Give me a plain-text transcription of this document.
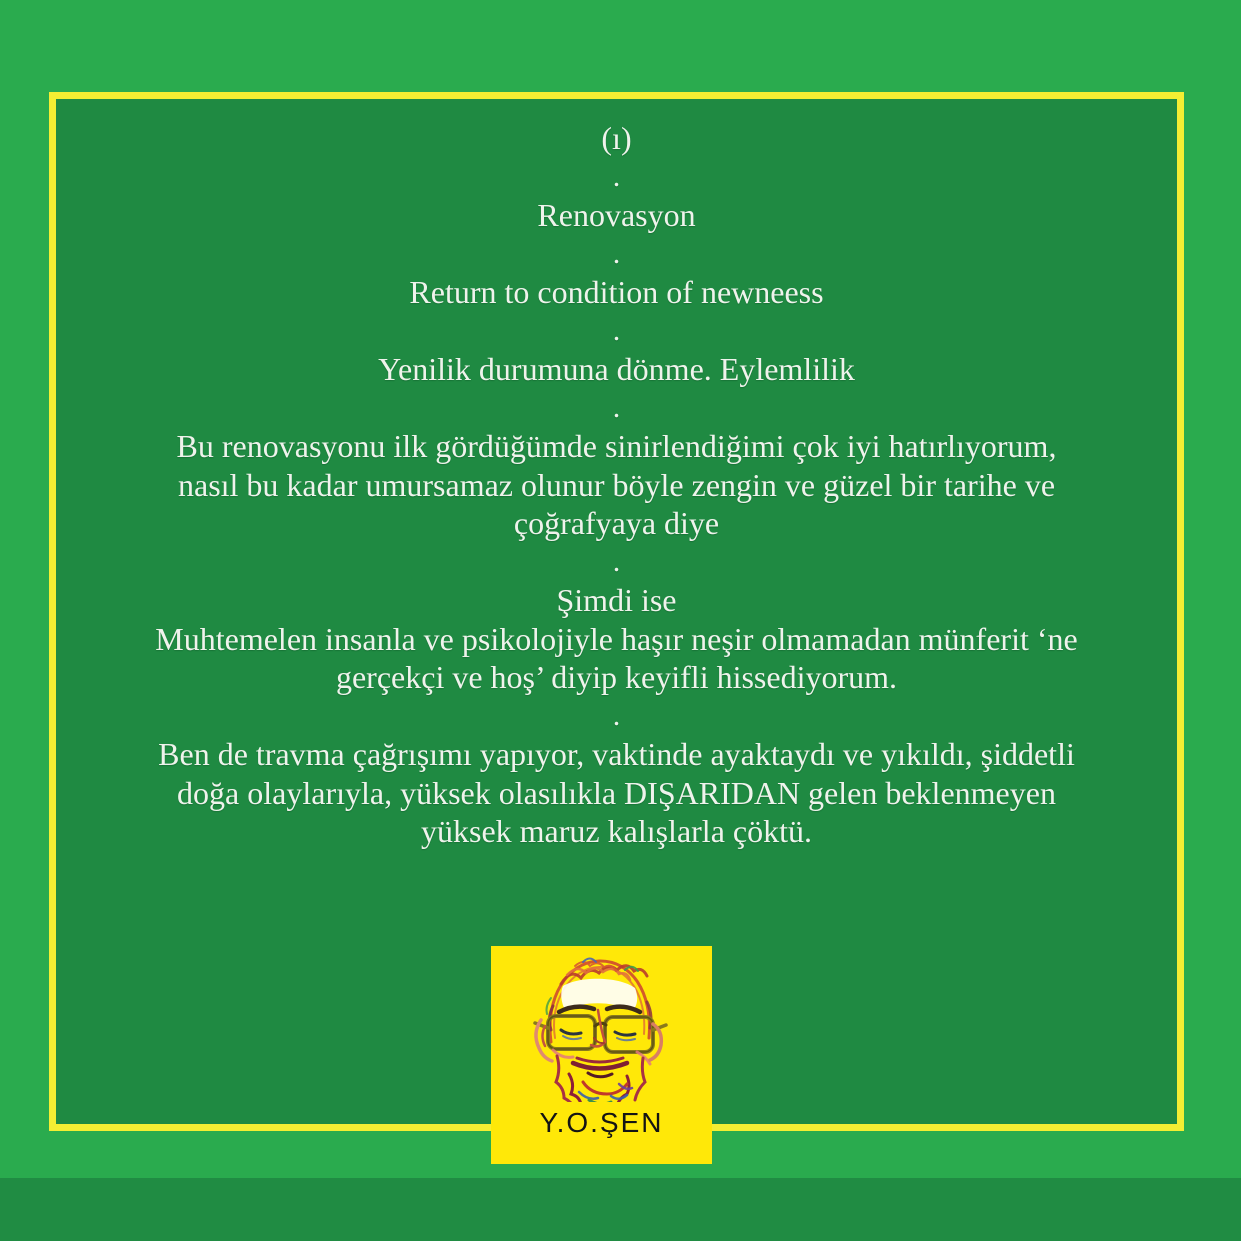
(ı)
.
Renovasyon
.
Return to condition of newneess
.
Yenilik durumuna dönme. Eylemlilik
.
Bu renovasyonu ilk gördüğümde sinirlendiğimi çok iyi hatırlıyorum,
nasıl bu kadar umursamaz olunur böyle zengin ve güzel bir tarihe ve
çoğrafyaya diye
.
Şimdi ise
Muhtemelen insanla ve psikolojiyle haşır neşir olmamadan münferit ‘ne
gerçekçi ve hoş’ diyip keyifli hissediyorum.
.
Ben de travma çağrışımı yapıyor, vaktinde ayaktaydı ve yıkıldı, şiddetli
doğa olaylarıyla, yüksek olasılıkla DIŞARIDAN gelen beklenmeyen
yüksek maruz kalışlarla çöktü.
Y.O.ŞEN
